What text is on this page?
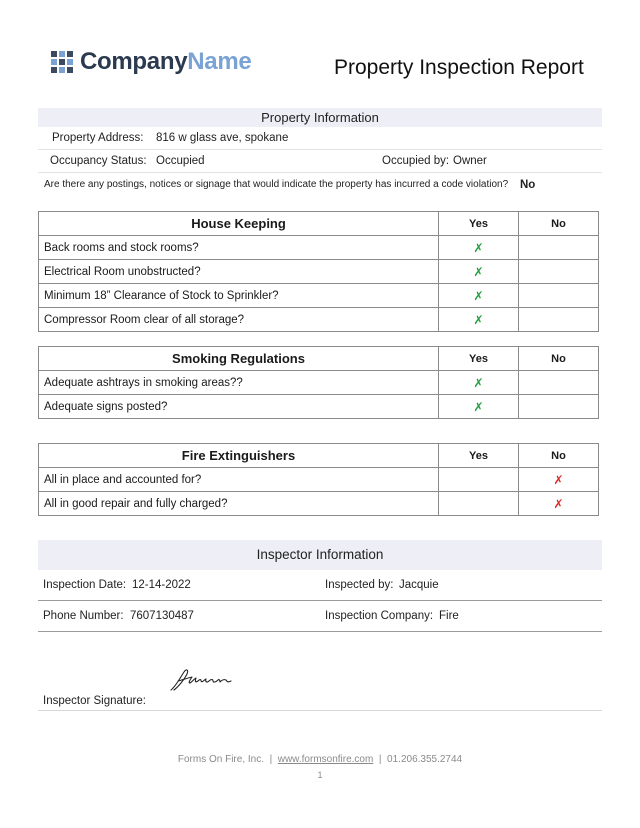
CompanyName	Property Inspection Report
Property Information
Property Address: 816 w glass ave, spokane
Occupancy Status: Occupied	Occupied by: Owner
Are there any postings, notices or signage that would indicate the property has incurred a code violation? No
House Keeping	Yes	No
Back rooms and stock rooms?	✗	
Electrical Room unobstructed?	✗	
Minimum 18” Clearance of Stock to Sprinkler?	✗	
Compressor Room clear of all storage?	✗	
Smoking Regulations	Yes	No
Adequate ashtrays in smoking areas??	✗	
Adequate signs posted?	✗	
Fire Extinguishers	Yes	No
All in place and accounted for?		✗
All in good repair and fully charged?		✗
Inspector Information
Inspection Date: 12-14-2022	Inspected by: Jacquie
Phone Number: 7607130487	Inspection Company: Fire
Inspector Signature:
Forms On Fire, Inc. | www.formsonfire.com | 01.206.355.2744
1
